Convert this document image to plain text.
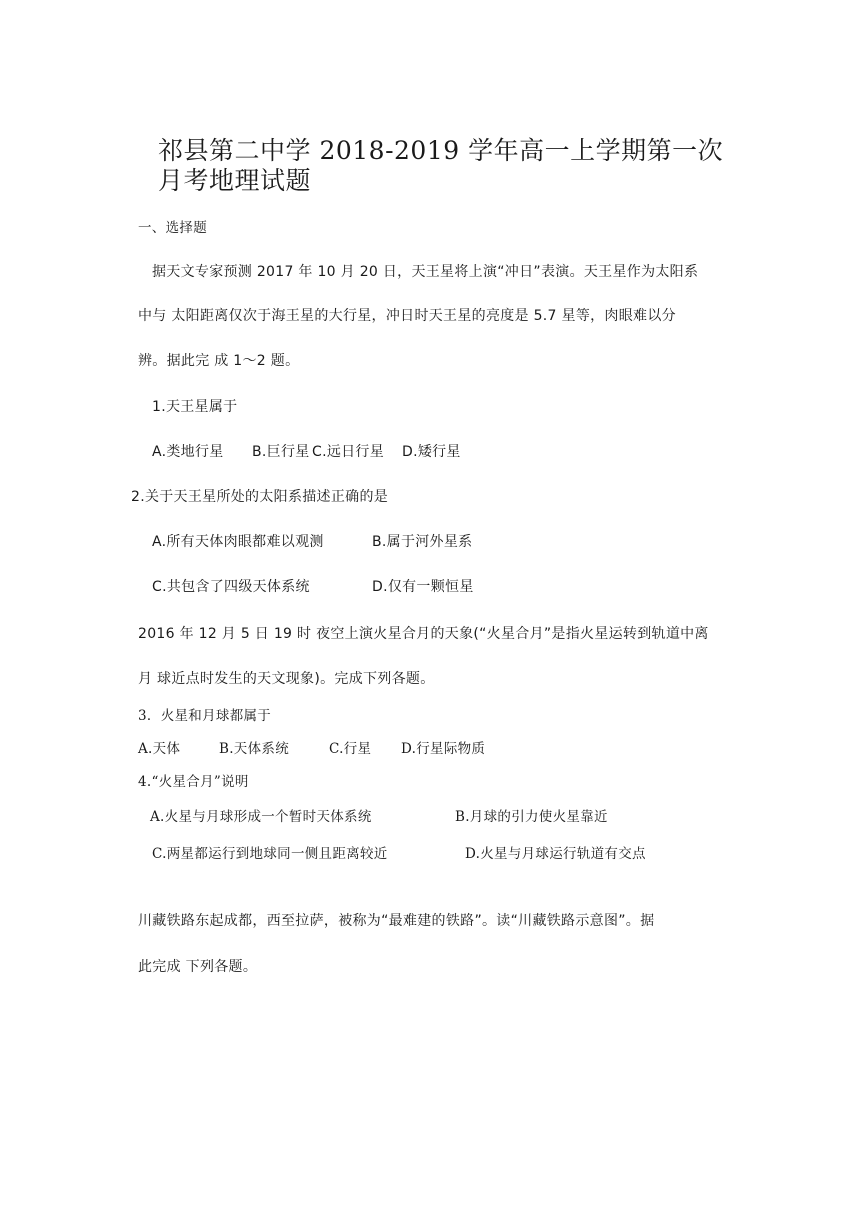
祁县第二中学 2018-2019 学年高一上学期第一次
月考地理试题
一、选择题
据天文专家预测 2017 年 10 月 20 日，天王星将上演“冲日”表演。天王星作为太阳系
中与 太阳距离仅次于海王星的大行星，冲日时天王星的亮度是 5.7 星等，肉眼难以分
辨。据此完 成 1～2 题。
1.天王星属于
A.类地行星 B.巨行星 C.远日行星 D.矮行星
2.关于天王星所处的太阳系描述正确的是
A.所有天体肉眼都难以观测	B.属于河外星系
C.共包含了四级天体系统	D.仅有一颗恒星
2016 年 12 月 5 日 19 时 夜空上演火星合月的天象(“火星合月”是指火星运转到轨道中离
月 球近点时发生的天文现象)。完成下列各题。
3．火星和月球都属于
A.天体	B.天体系统	C.行星 D.行星际物质
4.“火星合月”说明
A.火星与月球形成一个暂时天体系统	B.月球的引力使火星靠近
C.两星都运行到地球同一侧且距离较近	D.火星与月球运行轨道有交点
川藏铁路东起成都，西至拉萨，被称为“最难建的铁路”。读“川藏铁路示意图”。据
此完成 下列各题。
